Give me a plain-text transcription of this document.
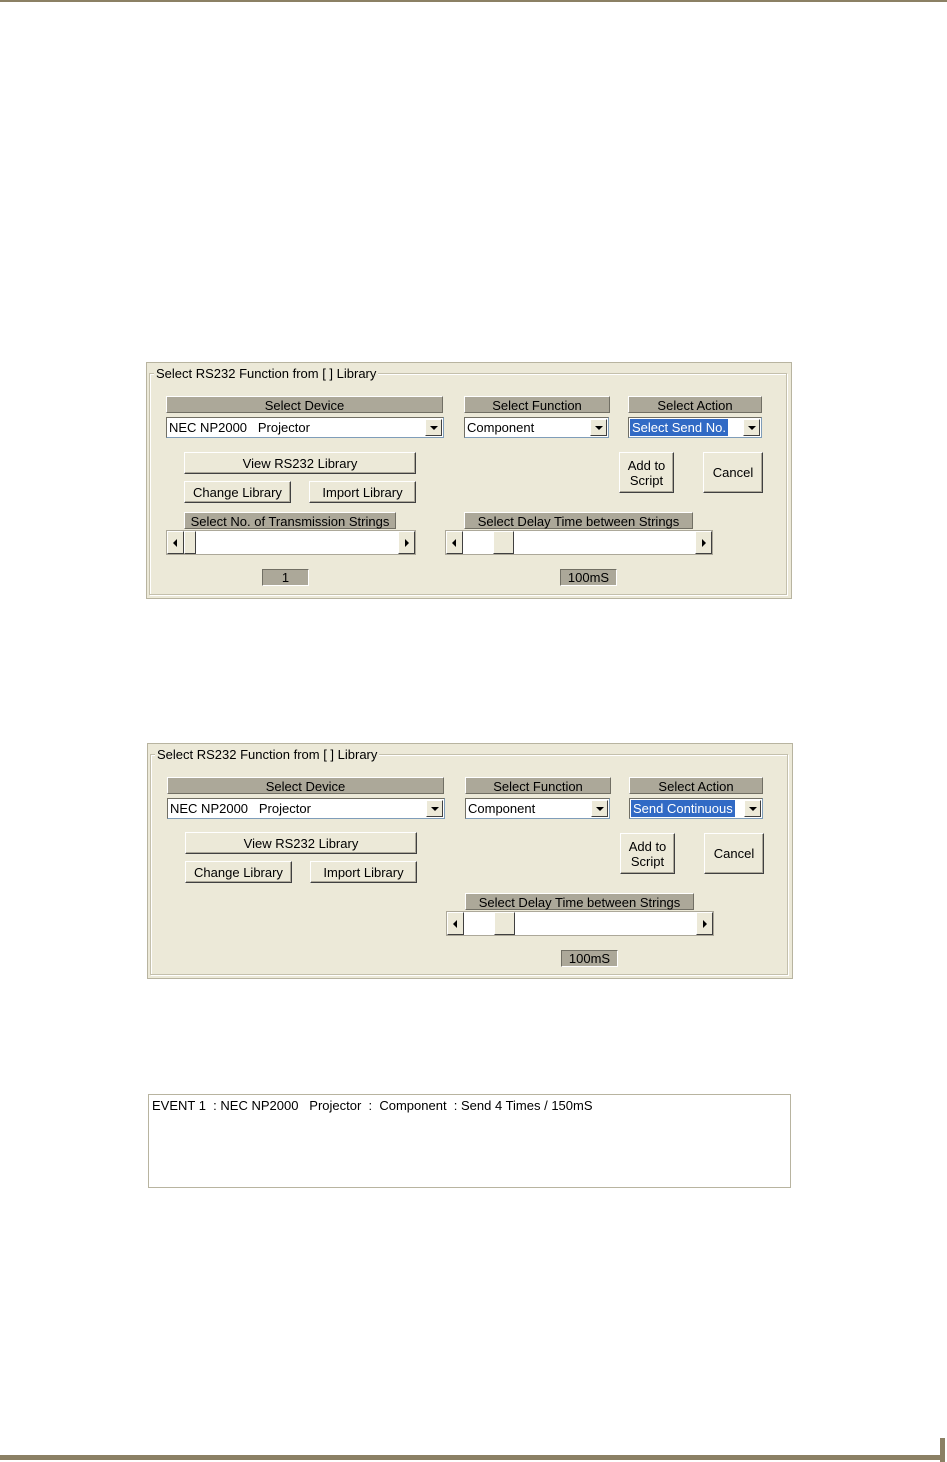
Select RS232 Function from [ ] Library
Select Device
NEC NP2000   Projector
Select Function
Component
Select Action
Select Send No.
View RS232 Library
Change Library	Import Library
Add to
Script	Cancel
Select No. of Transmission Strings
1
Select Delay Time between Strings
100mS
Select RS232 Function from [ ] Library
Select Device
NEC NP2000   Projector
Select Function
Component
Select Action
Send Continuous
View RS232 Library
Change Library	Import Library
Add to
Script	Cancel
Select Delay Time between Strings
100mS
EVENT 1  : NEC NP2000   Projector  :  Component  : Send 4 Times / 150mS
